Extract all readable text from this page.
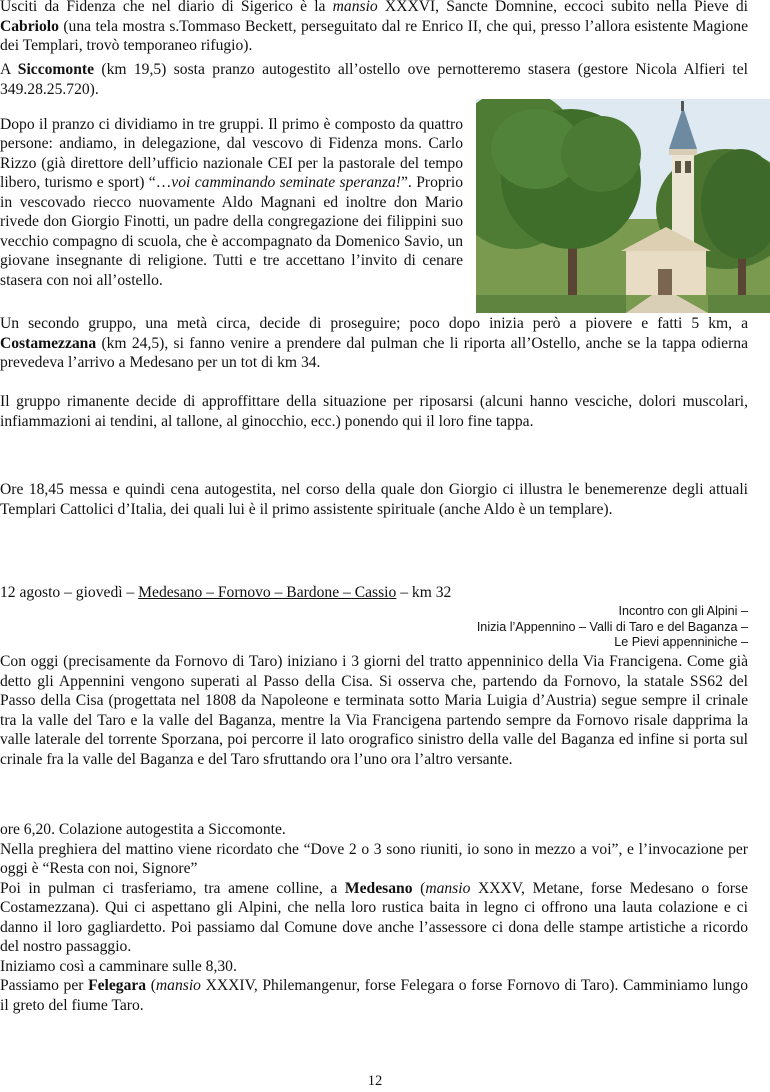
Usciti da Fidenza che nel diario di Sigerico è la mansio XXXVI, Sancte Domnine, eccoci subito nella Pieve di Cabriolo (una tela mostra s.Tommaso Beckett, perseguitato dal re Enrico II, che qui, presso l’allora esistente Magione dei Templari, trovò temporaneo rifugio).

A Siccomonte (km 19,5) sosta pranzo autogestito all’ostello ove pernotteremo stasera (gestore Nicola Alfieri tel 349.28.25.720).

Dopo il pranzo ci dividiamo in tre gruppi. Il primo è composto da quattro persone: andiamo, in delegazione, dal vescovo di Fidenza mons. Carlo Rizzo (già direttore dell’ufficio nazionale CEI per la pastorale del tempo libero, turismo e sport) “…voi camminando seminate speranza!”. Proprio in vescovado riecco nuovamente Aldo Magnani ed inoltre don Mario rivede don Giorgio Finotti, un padre della congregazione dei filippini suo vecchio compagno di scuola, che è accompagnato da Domenico Savio, un giovane insegnante di religione. Tutti e tre accettano l’invito di cenare stasera con noi all’ostello.

Un secondo gruppo, una metà circa, decide di proseguire; poco dopo inizia però a piovere e fatti 5 km, a Costamezzana (km 24,5), si fanno venire a prendere dal pulman che li riporta all’Ostello, anche se la tappa odierna prevedeva l’arrivo a Medesano per un tot di km 34.

Il gruppo rimanente decide di approffittare della situazione per riposarsi (alcuni hanno vesciche, dolori muscolari, infiammazioni ai tendini, al tallone, al ginocchio, ecc.) ponendo qui il loro fine tappa.

Ore 18,45 messa e quindi cena autogestita, nel corso della quale don Giorgio ci illustra le benemerenze degli attuali Templari Cattolici d’Italia, dei quali lui è il primo assistente spirituale (anche Aldo è un templare).

12 agosto – giovedì – Medesano – Fornovo – Bardone – Cassio – km 32

Incontro con gli Alpini –
Inizia l’Appennino – Valli di Taro e del Baganza –
Le Pievi appenniniche –

Con oggi (precisamente da Fornovo di Taro) iniziano i 3 giorni del tratto appenninico della Via Francigena. Come già detto gli Appennini vengono superati al Passo della Cisa. Si osserva che, partendo da Fornovo, la statale SS62 del Passo della Cisa (progettata nel 1808 da Napoleone e terminata sotto Maria Luigia d’Austria) segue sempre il crinale tra la valle del Taro e la valle del Baganza, mentre la Via Francigena partendo sempre da Fornovo risale dapprima la valle laterale del torrente Sporzana, poi percorre il lato orografico sinistro della valle del Baganza ed infine si porta sul crinale fra la valle del Baganza e del Taro sfruttando ora l’uno ora l’altro versante.

ore 6,20. Colazione autogestita a Siccomonte.

Nella preghiera del mattino viene ricordato che “Dove 2 o 3 sono riuniti, io sono in mezzo a voi”, e l’invocazione per oggi è “Resta con noi, Signore”

Poi in pulman ci trasferiamo, tra amene colline, a Medesano (mansio XXXV, Metane, forse Medesano o forse Costamezzana). Qui ci aspettano gli Alpini, che nella loro rustica baita in legno ci offrono una lauta colazione e ci danno il loro gagliardetto. Poi passiamo dal Comune dove anche l’assessore ci dona delle stampe artistiche a ricordo del nostro passaggio.

Iniziamo così a camminare sulle 8,30.

Passiamo per Felegara (mansio XXXIV, Philemangenur, forse Felegara o forse Fornovo di Taro). Camminiamo lungo il greto del fiume Taro.

12
